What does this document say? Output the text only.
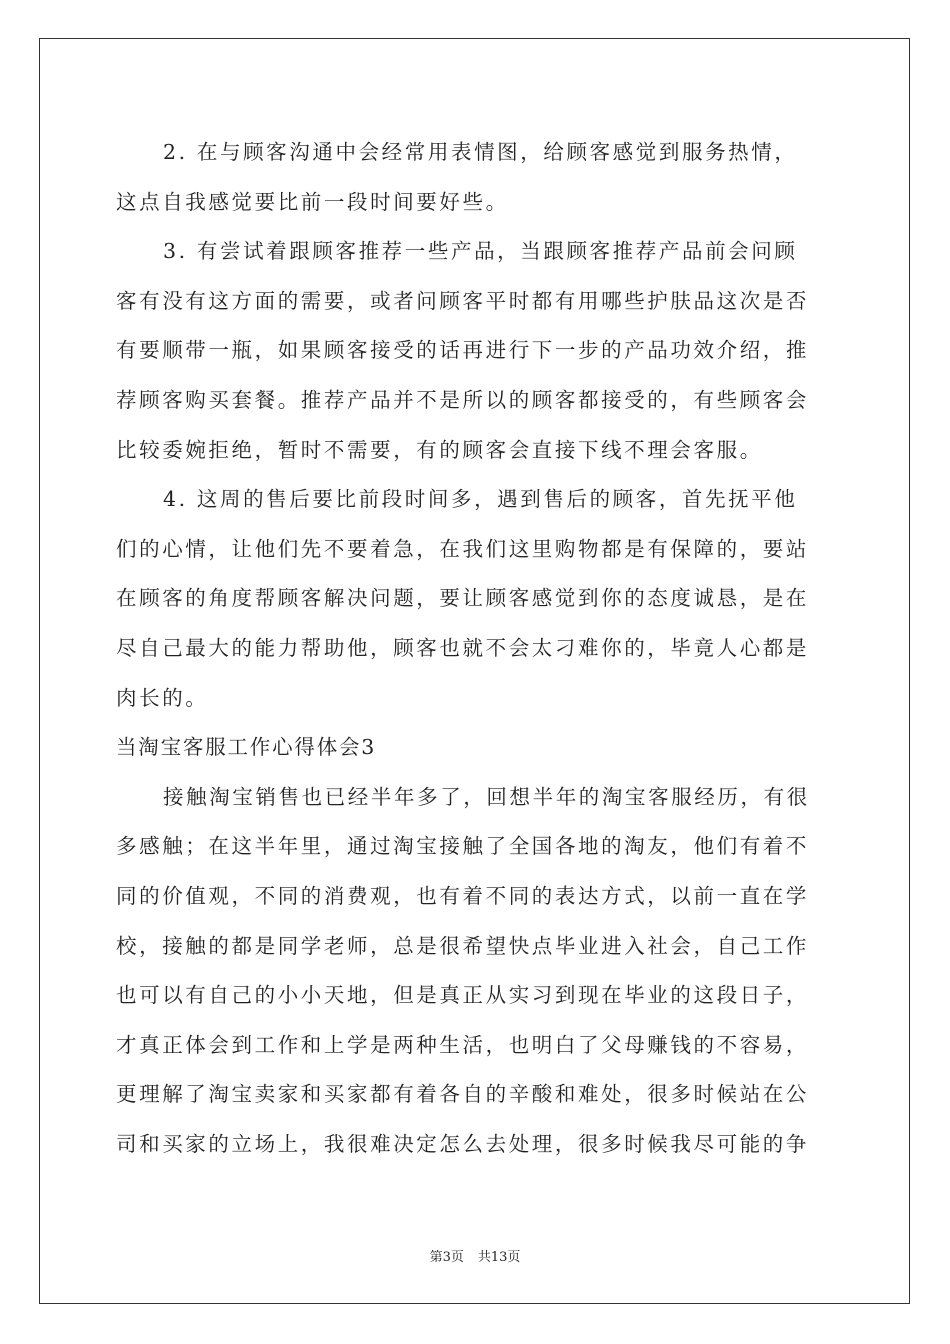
2. 在与顾客沟通中会经常用表情图，给顾客感觉到服务热情，
这点自我感觉要比前一段时间要好些。
3. 有尝试着跟顾客推荐一些产品，当跟顾客推荐产品前会问顾
客有没有这方面的需要，或者问顾客平时都有用哪些护肤品这次是否
有要顺带一瓶，如果顾客接受的话再进行下一步的产品功效介绍，推
荐顾客购买套餐。推荐产品并不是所以的顾客都接受的，有些顾客会
比较委婉拒绝，暂时不需要，有的顾客会直接下线不理会客服。
4. 这周的售后要比前段时间多，遇到售后的顾客，首先抚平他
们的心情，让他们先不要着急，在我们这里购物都是有保障的，要站
在顾客的角度帮顾客解决问题，要让顾客感觉到你的态度诚恳，是在
尽自己最大的能力帮助他，顾客也就不会太刁难你的，毕竟人心都是
肉长的。
当淘宝客服工作心得体会3
接触淘宝销售也已经半年多了，回想半年的淘宝客服经历，有很
多感触；在这半年里，通过淘宝接触了全国各地的淘友，他们有着不
同的价值观，不同的消费观，也有着不同的表达方式，以前一直在学
校，接触的都是同学老师，总是很希望快点毕业进入社会，自己工作
也可以有自己的小小天地，但是真正从实习到现在毕业的这段日子，
才真正体会到工作和上学是两种生活，也明白了父母赚钱的不容易，
更理解了淘宝卖家和买家都有着各自的辛酸和难处，很多时候站在公
司和买家的立场上，我很难决定怎么去处理，很多时候我尽可能的争
第3页 共13页
